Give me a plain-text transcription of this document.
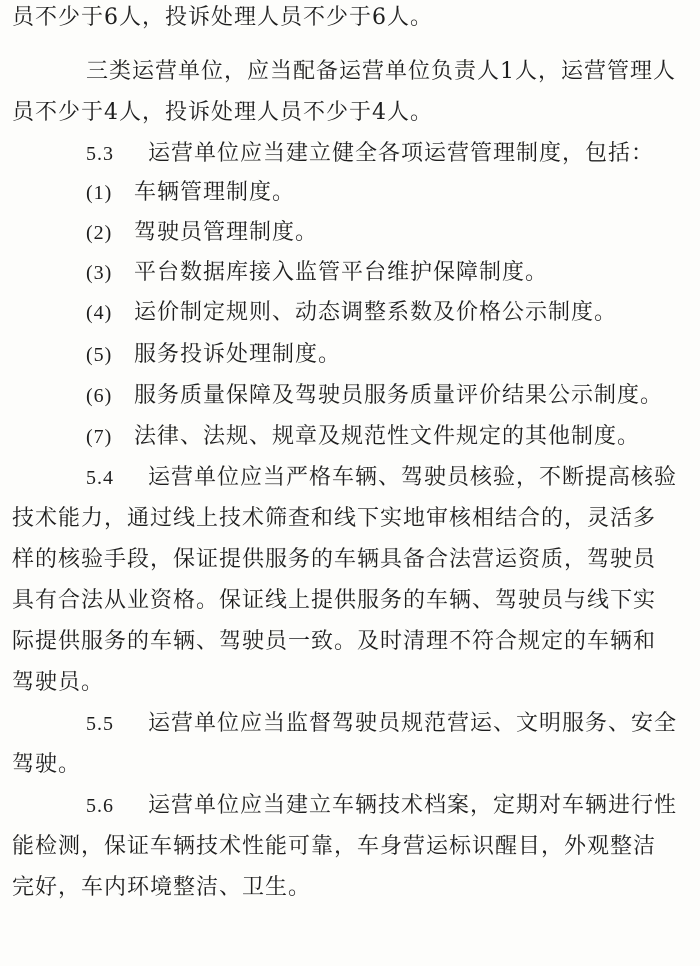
员不少于6人，投诉处理人员不少于6人。
三类运营单位，应当配备运营单位负责人1人，运营管理人
员不少于4人，投诉处理人员不少于4人。
5.3 运营单位应当建立健全各项运营管理制度，包括：
(1) 车辆管理制度。
(2) 驾驶员管理制度。
(3) 平台数据库接入监管平台维护保障制度。
(4) 运价制定规则、动态调整系数及价格公示制度。
(5) 服务投诉处理制度。
(6) 服务质量保障及驾驶员服务质量评价结果公示制度。
(7) 法律、法规、规章及规范性文件规定的其他制度。
5.4 运营单位应当严格车辆、驾驶员核验，不断提高核验
技术能力，通过线上技术筛查和线下实地审核相结合的，灵活多
样的核验手段，保证提供服务的车辆具备合法营运资质，驾驶员
具有合法从业资格。保证线上提供服务的车辆、驾驶员与线下实
际提供服务的车辆、驾驶员一致。及时清理不符合规定的车辆和
驾驶员。
5.5 运营单位应当监督驾驶员规范营运、文明服务、安全
驾驶。
5.6 运营单位应当建立车辆技术档案，定期对车辆进行性
能检测，保证车辆技术性能可靠，车身营运标识醒目，外观整洁
完好，车内环境整洁、卫生。
